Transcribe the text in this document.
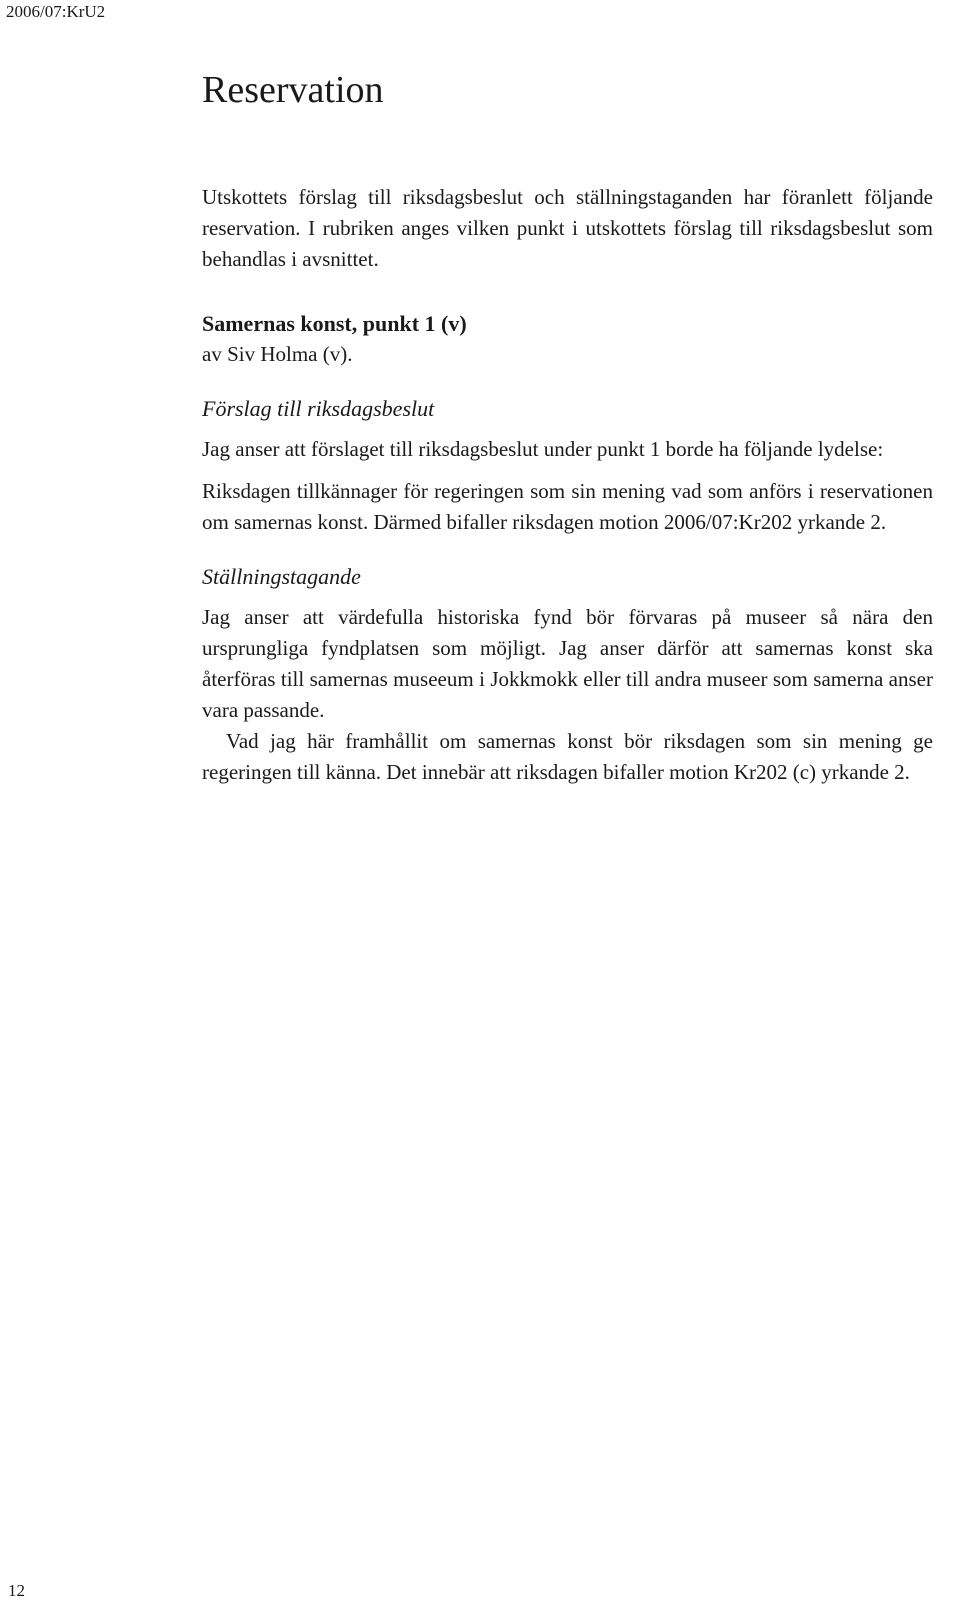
2006/07:KrU2
Reservation

Utskottets förslag till riksdagsbeslut och ställningstaganden har föranlett följande reservation. I rubriken anges vilken punkt i utskottets förslag till riksdagsbeslut som behandlas i avsnittet.

Samernas konst, punkt 1 (v)

av Siv Holma (v).

Förslag till riksdagsbeslut

Jag anser att förslaget till riksdagsbeslut under punkt 1 borde ha följande lydelse:

Riksdagen tillkännager för regeringen som sin mening vad som anförs i reservationen om samernas konst. Därmed bifaller riksdagen motion 2006/07:Kr202 yrkande 2.

Ställningstagande

Jag anser att värdefulla historiska fynd bör förvaras på museer så nära den ursprungliga fyndplatsen som möjligt. Jag anser därför att samernas konst ska återföras till samernas museeum i Jokkmokk eller till andra museer som samerna anser vara passande.

Vad jag här framhållit om samernas konst bör riksdagen som sin mening ge regeringen till känna. Det innebär att riksdagen bifaller motion Kr202 (c) yrkande 2.

12
